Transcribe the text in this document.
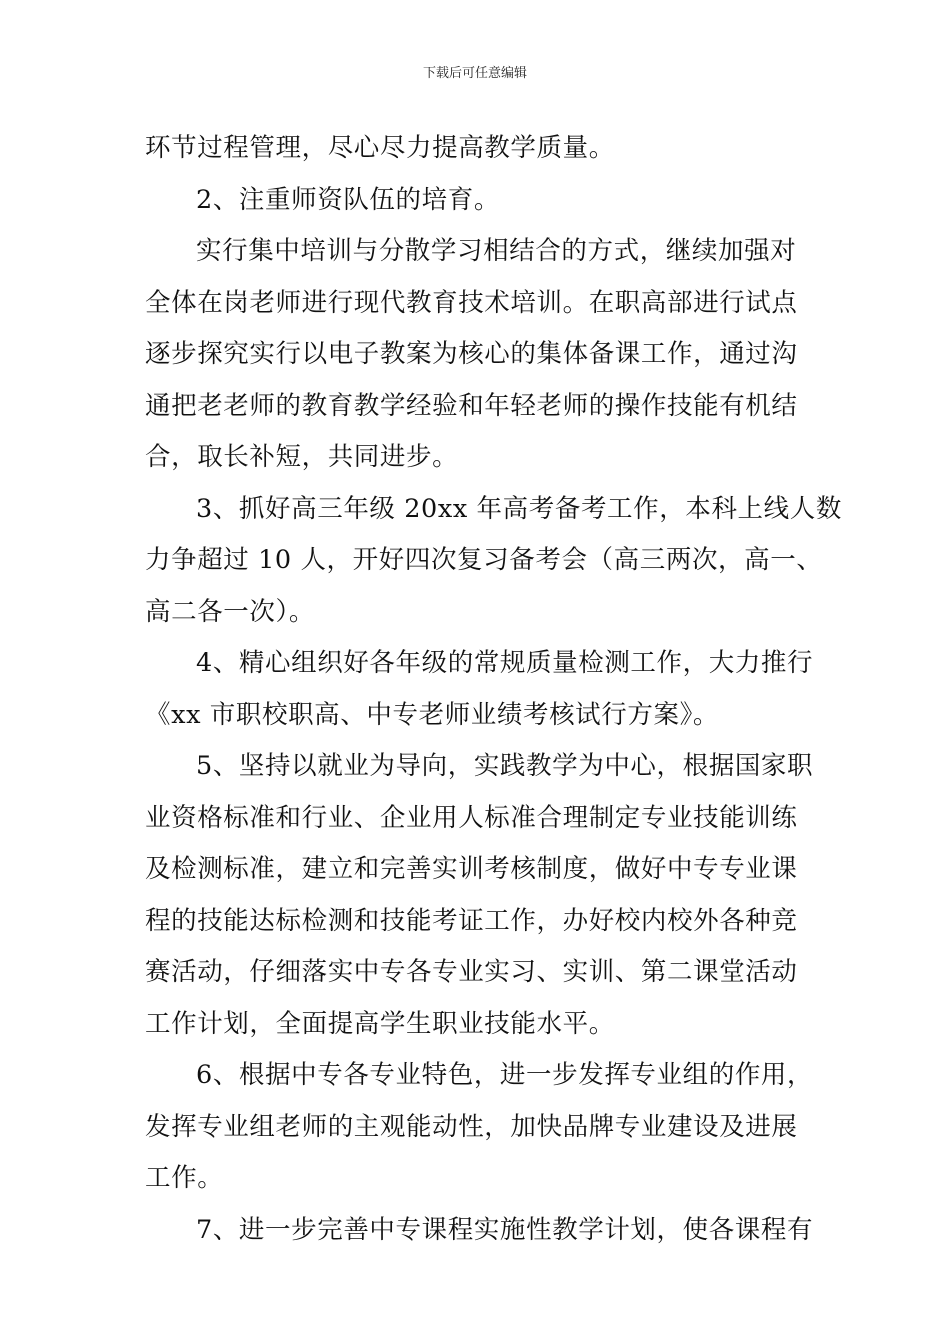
下载后可任意编辑
环节过程管理，尽心尽力提高教学质量。
2、注重师资队伍的培育。
实行集中培训与分散学习相结合的方式，继续加强对
全体在岗老师进行现代教育技术培训。在职高部进行试点
逐步探究实行以电子教案为核心的集体备课工作，通过沟
通把老老师的教育教学经验和年轻老师的操作技能有机结
合，取长补短，共同进步。
3、抓好高三年级 20xx 年高考备考工作，本科上线人数
力争超过 10 人，开好四次复习备考会（高三两次，高一、
高二各一次）。
4、精心组织好各年级的常规质量检测工作，大力推行
《xx 市职校职高、中专老师业绩考核试行方案》。
5、坚持以就业为导向，实践教学为中心，根据国家职
业资格标准和行业、企业用人标准合理制定专业技能训练
及检测标准，建立和完善实训考核制度，做好中专专业课
程的技能达标检测和技能考证工作，办好校内校外各种竞
赛活动，仔细落实中专各专业实习、实训、第二课堂活动
工作计划，全面提高学生职业技能水平。
6、根据中专各专业特色，进一步发挥专业组的作用，
发挥专业组老师的主观能动性，加快品牌专业建设及进展
工作。
7、进一步完善中专课程实施性教学计划，使各课程有
